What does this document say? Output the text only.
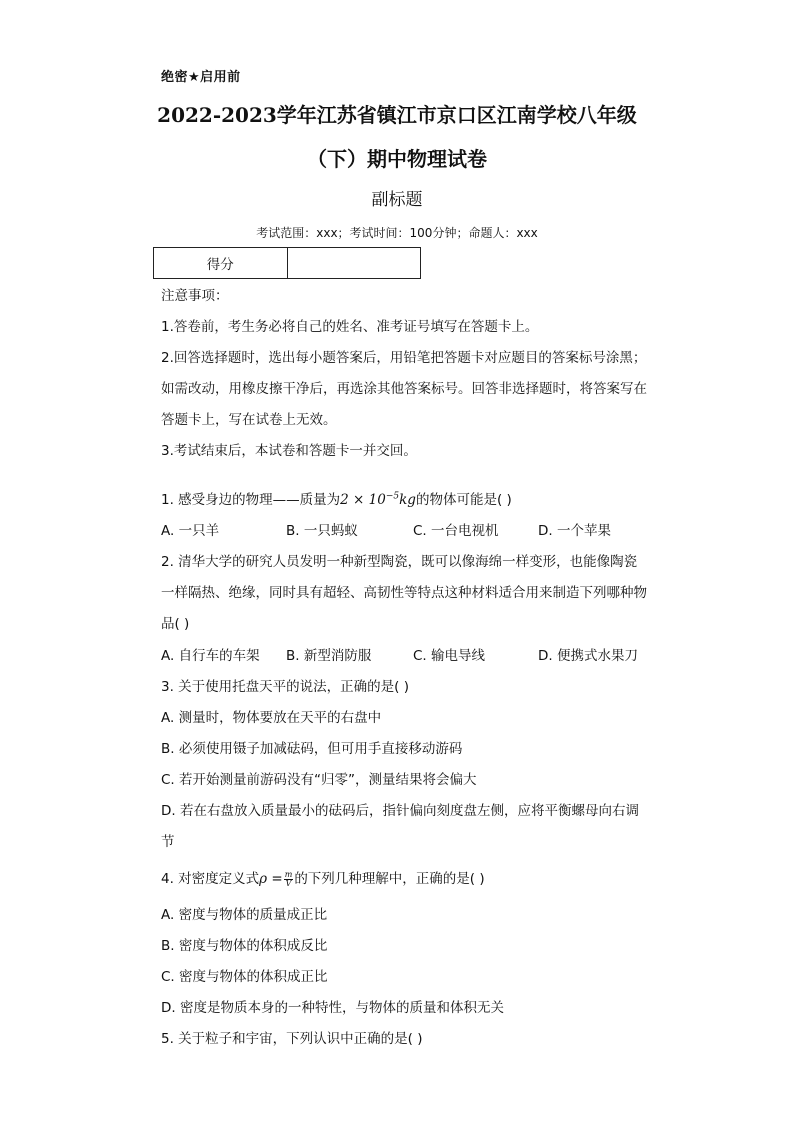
绝密★启用前
2022-2023学年江苏省镇江市京口区江南学校八年级
（下）期中物理试卷
副标题
考试范围：xxx；考试时间：100分钟；命题人：xxx
得分	
注意事项：
1.答卷前，考生务必将自己的姓名、准考证号填写在答题卡上。
2.回答选择题时，选出每小题答案后，用铅笔把答题卡对应题目的答案标号涂黑；
如需改动，用橡皮擦干净后，再选涂其他答案标号。回答非选择题时，将答案写在
答题卡上，写在试卷上无效。
3.考试结束后，本试卷和答题卡一并交回。
1. 感受身边的物理——质量为$2 \times 10^{-5}kg$的物体可能是( )
A. 一只羊	B. 一只蚂蚁	C. 一台电视机	D. 一个苹果
2. 清华大学的研究人员发明一种新型陶瓷，既可以像海绵一样变形，也能像陶瓷
一样隔热、绝缘，同时具有超轻、高韧性等特点这种材料适合用来制造下列哪种物
品( )
A. 自行车的车架 B. 新型消防服	C. 输电导线	D. 便携式水果刀
3. 关于使用托盘天平的说法，正确的是( )
A. 测量时，物体要放在天平的右盘中
B. 必须使用镊子加减砝码，但可用手直接移动游码
C. 若开始测量前游码没有“归零”，测量结果将会偏大
D. 若在右盘放入质量最小的砝码后，指针偏向刻度盘左侧，应将平衡螺母向右调
节
4. 对密度定义式$\rho = \frac{m}{V}$ 的下列几种理解中，正确的是( )
A. 密度与物体的质量成正比
B. 密度与物体的体积成反比
C. 密度与物体的体积成正比
D. 密度是物质本身的一种特性，与物体的质量和体积无关
5. 关于粒子和宇宙，下列认识中正确的是( )
